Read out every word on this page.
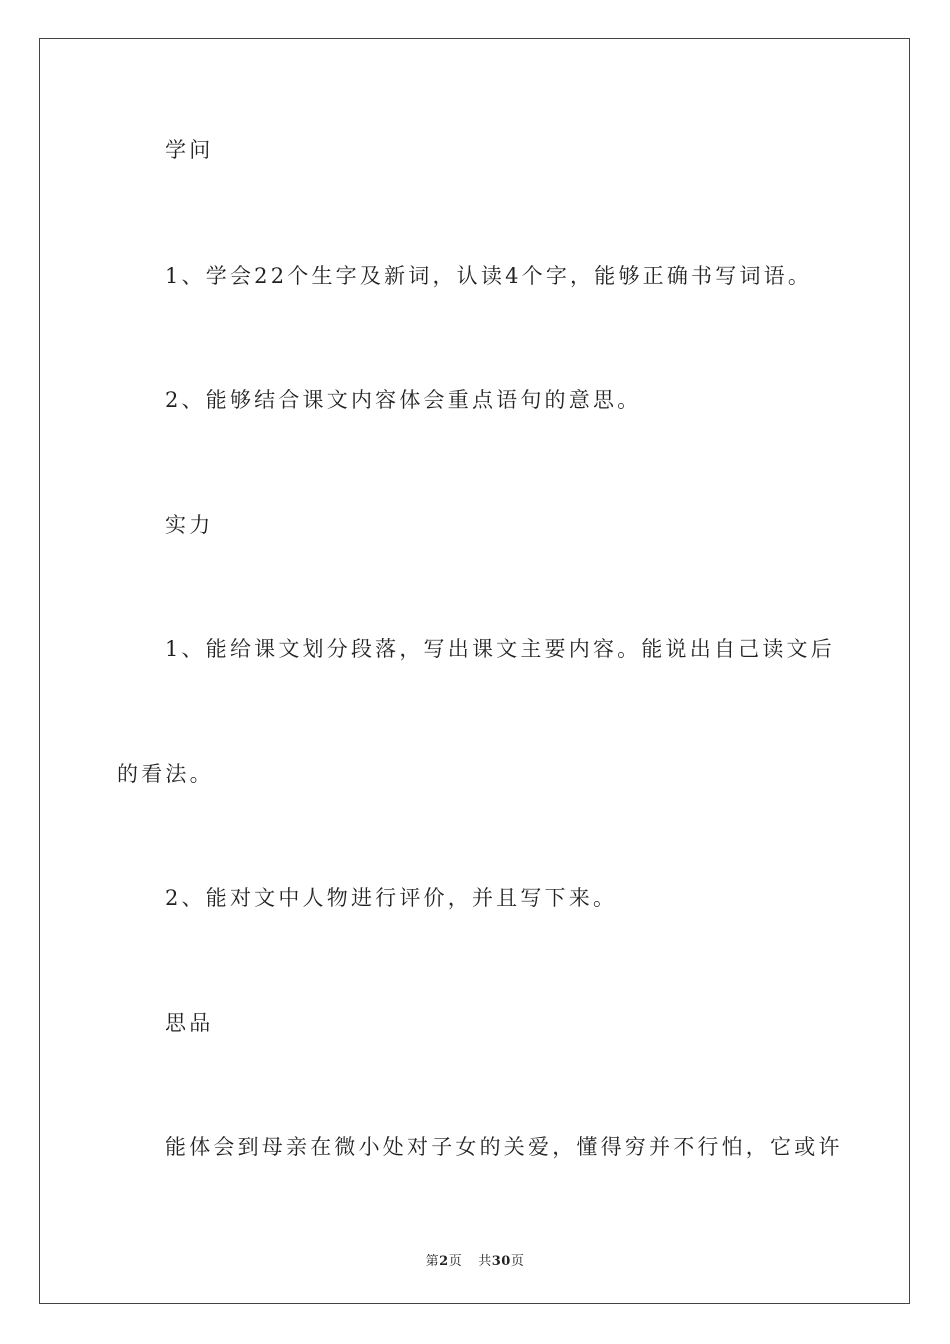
学问
1、学会22个生字及新词，认读4个字，能够正确书写词语。
2、能够结合课文内容体会重点语句的意思。
实力
1、能给课文划分段落，写出课文主要内容。能说出自己读文后
的看法。
2、能对文中人物进行评价，并且写下来。
思品
能体会到母亲在微小处对子女的关爱，懂得穷并不行怕，它或许
第2页 共30页
